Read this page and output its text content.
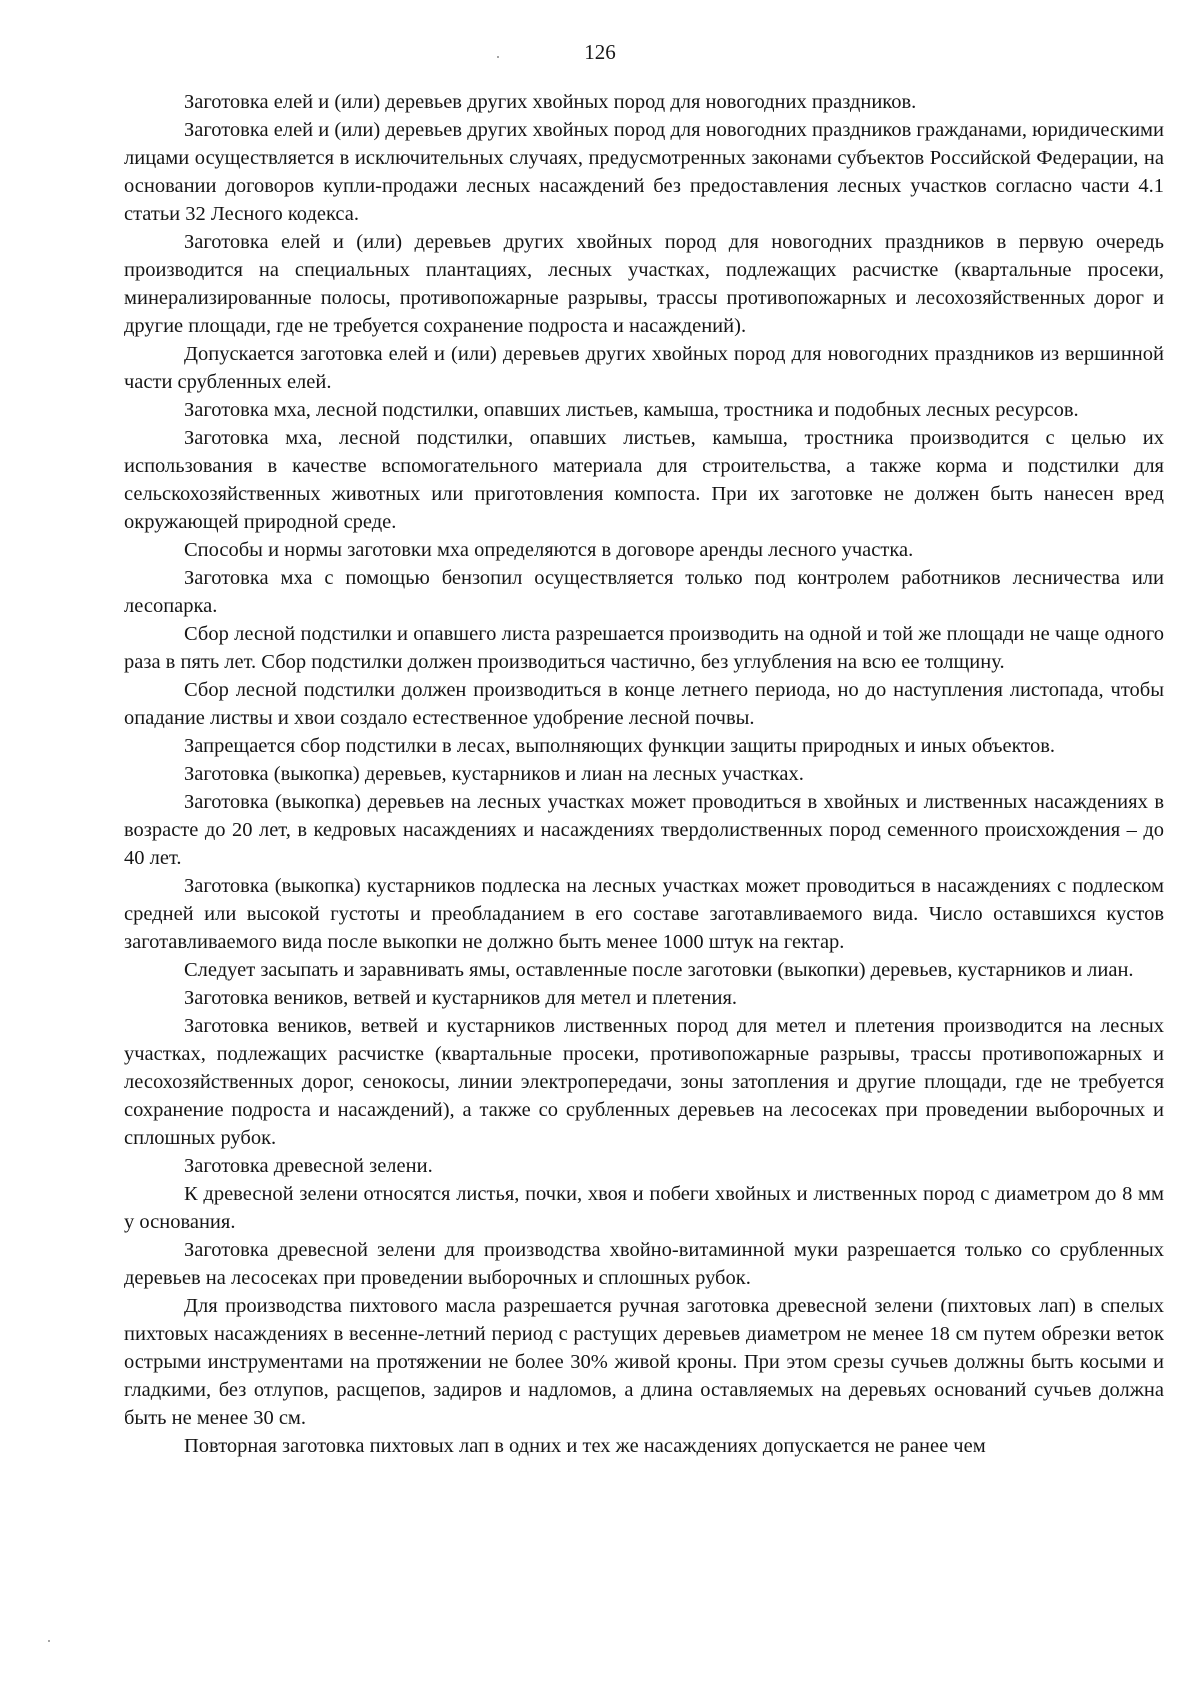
126

Заготовка елей и (или) деревьев других хвойных пород для новогодних праздников.

Заготовка елей и (или) деревьев других хвойных пород для новогодних праздников гражданами, юридическими лицами осуществляется в исключительных случаях, предусмотренных законами субъектов Российской Федерации, на основании договоров купли-продажи лесных насаждений без предоставления лесных участков согласно части 4.1 статьи 32 Лесного кодекса.

Заготовка елей и (или) деревьев других хвойных пород для новогодних праздников в первую очередь производится на специальных плантациях, лесных участках, подлежащих расчистке (квартальные просеки, минерализированные полосы, противопожарные разрывы, трассы противопожарных и лесохозяйственных дорог и другие площади, где не требуется сохранение подроста и насаждений).

Допускается заготовка елей и (или) деревьев других хвойных пород для новогодних праздников из вершинной части срубленных елей.

Заготовка мха, лесной подстилки, опавших листьев, камыша, тростника и подобных лесных ресурсов.

Заготовка мха, лесной подстилки, опавших листьев, камыша, тростника производится с целью их использования в качестве вспомогательного материала для строительства, а также корма и подстилки для сельскохозяйственных животных или приготовления компоста. При их заготовке не должен быть нанесен вред окружающей природной среде.

Способы и нормы заготовки мха определяются в договоре аренды лесного участка.

Заготовка мха с помощью бензопил осуществляется только под контролем работников лесничества или лесопарка.

Сбор лесной подстилки и опавшего листа разрешается производить на одной и той же площади не чаще одного раза в пять лет. Сбор подстилки должен производиться частично, без углубления на всю ее толщину.

Сбор лесной подстилки должен производиться в конце летнего периода, но до наступления листопада, чтобы опадание листвы и хвои создало естественное удобрение лесной почвы.

Запрещается сбор подстилки в лесах, выполняющих функции защиты природных и иных объектов.

Заготовка (выкопка) деревьев, кустарников и лиан на лесных участках.

Заготовка (выкопка) деревьев на лесных участках может проводиться в хвойных и лиственных насаждениях в возрасте до 20 лет, в кедровых насаждениях и насаждениях твердолиственных пород семенного происхождения – до 40 лет.

Заготовка (выкопка) кустарников подлеска на лесных участках может проводиться в насаждениях с подлеском средней или высокой густоты и преобладанием в его составе заготавливаемого вида. Число оставшихся кустов заготавливаемого вида после выкопки не должно быть менее 1000 штук на гектар.

Следует засыпать и заравнивать ямы, оставленные после заготовки (выкопки) деревьев, кустарников и лиан.

Заготовка веников, ветвей и кустарников для метел и плетения.

Заготовка веников, ветвей и кустарников лиственных пород для метел и плетения производится на лесных участках, подлежащих расчистке (квартальные просеки, противопожарные разрывы, трассы противопожарных и лесохозяйственных дорог, сенокосы, линии электропередачи, зоны затопления и другие площади, где не требуется сохранение подроста и насаждений), а также со срубленных деревьев на лесосеках при проведении выборочных и сплошных рубок.

Заготовка древесной зелени.

К древесной зелени относятся листья, почки, хвоя и побеги хвойных и лиственных пород с диаметром до 8 мм у основания.

Заготовка древесной зелени для производства хвойно-витаминной муки разрешается только со срубленных деревьев на лесосеках при проведении выборочных и сплошных рубок.

Для производства пихтового масла разрешается ручная заготовка древесной зелени (пихтовых лап) в спелых пихтовых насаждениях в весенне-летний период с растущих деревьев диаметром не менее 18 см путем обрезки веток острыми инструментами на протяжении не более 30% живой кроны. При этом срезы сучьев должны быть косыми и гладкими, без отлупов, расщепов, задиров и надломов, а длина оставляемых на деревьях оснований сучьев должна быть не менее 30 см.

Повторная заготовка пихтовых лап в одних и тех же насаждениях допускается не ранее чем
